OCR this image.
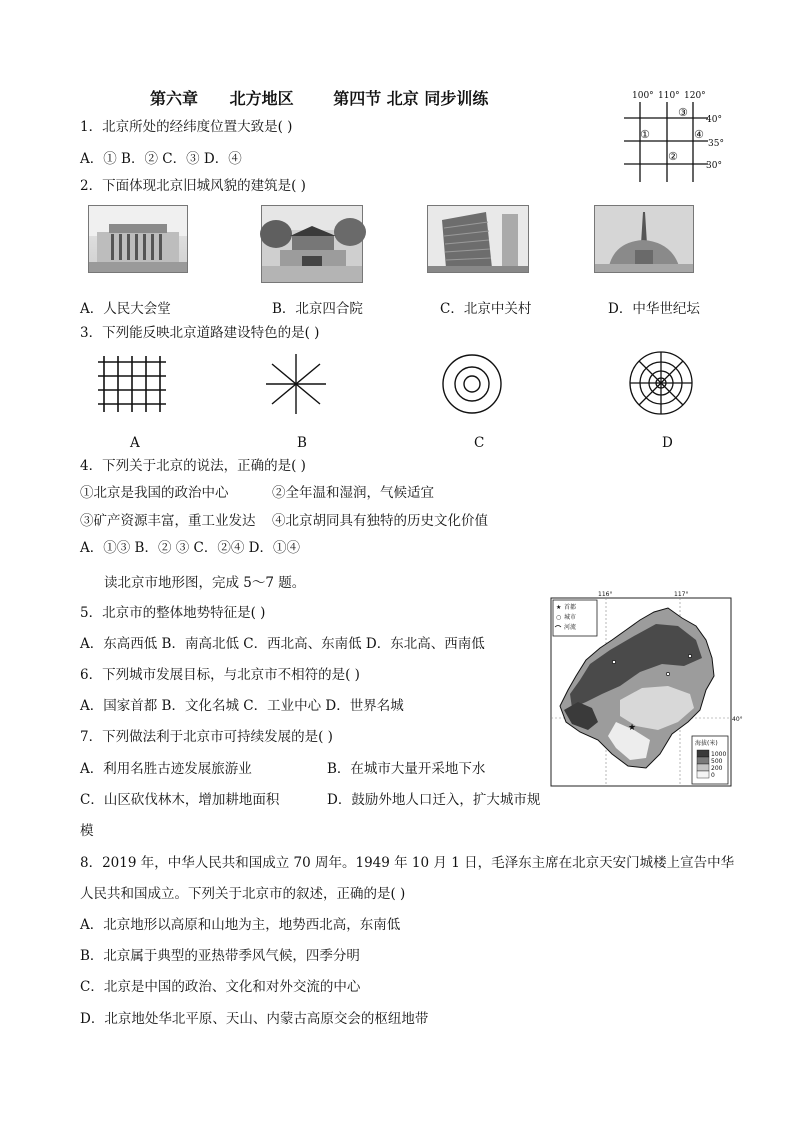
第六章 北方地区 第四节 北京 同步训练	100° 110° 120°
40°
35°
30°
①
②
③
④
1．北京所处的经纬度位置大致是( )
A．① B．② C．③ D．④
2．下面体现北京旧城风貌的建筑是( )
A．人民大会堂	B．北京四合院	C．北京中关村	D．中华世纪坛
3．下列能反映北京道路建设特色的是( )
A	B	C	D
4．下列关于北京的说法，正确的是( )
①北京是我国的政治中心	②全年温和湿润，气候适宜
③矿产资源丰富，重工业发达 ④北京胡同具有独特的历史文化价值
A．①③ B．② ③ C．②④ D．①④
读北京市地形图，完成 5～7 题。
5．北京市的整体地势特征是( )
A．东高西低 B．南高北低 C．西北高、东南低 D．东北高、西南低
6．下列城市发展目标，与北京市不相符的是( )
A．国家首都 B．文化名城 C．工业中心 D．世界名城
7．下列做法利于北京市可持续发展的是( )
A．利用名胜古迹发展旅游业	B．在城市大量开采地下水
C．山区砍伐林木，增加耕地面积	D．鼓励外地人口迁入，扩大城市规
模
116°	117°
40°
★ 首都
○ 城市
河流
★
海拔(米)
1000
500
200
0
8．2019 年，中华人民共和国成立 70 周年。1949 年 10 月 1 日，毛泽东主席在北京天安门城楼上宣告中华
人民共和国成立。下列关于北京市的叙述，正确的是( )
A．北京地形以高原和山地为主，地势西北高，东南低
B．北京属于典型的亚热带季风气候，四季分明
C．北京是中国的政治、文化和对外交流的中心
D．北京地处华北平原、天山、内蒙古高原交会的枢纽地带
